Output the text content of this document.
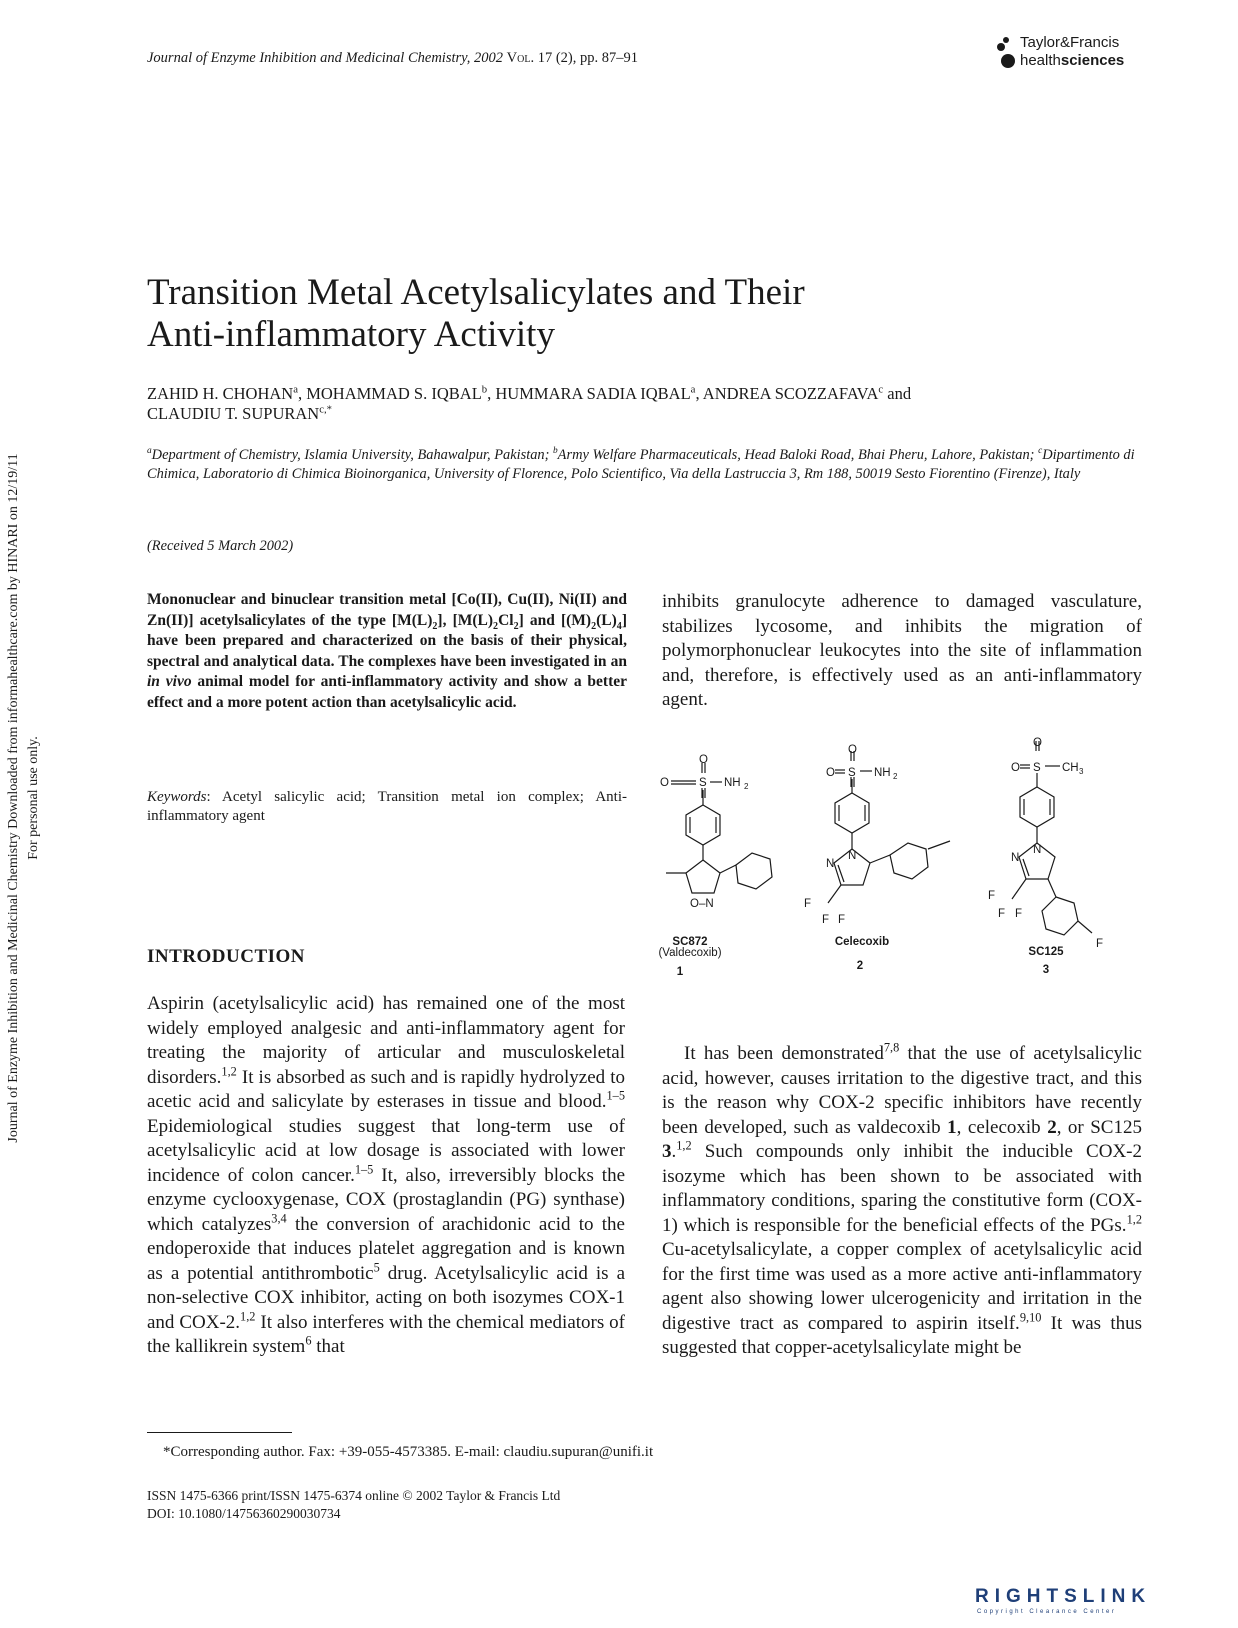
Journal of Enzyme Inhibition and Medicinal Chemistry, 2002 Vol. 17 (2), pp. 87–91
Taylor&Francis
healthsciences
Journal of Enzyme Inhibition and Medicinal Chemistry Downloaded from informahealthcare.com by HINARI on 12/19/11 For personal use only.
Transition Metal Acetylsalicylates and Their
Anti-inflammatory Activity
ZAHID H. CHOHAN$^a$, MOHAMMAD S. IQBAL$^b$, HUMMARA SADIA IQBAL$^a$, ANDREA SCOZZAFAVA$^c$ and
CLAUDIU T. $SUPURAN^{c,*}$
$^a$Department of Chemistry, Islamia University, Bahawalpur, Pakistan; $^b$Army Welfare Pharmaceuticals, Head Baloki Road, Bhai Pheru, Lahore, Pakistan; $^c$Dipartimento di Chimica, Laboratorio di Chimica Bioinorganica, University of Florence, Polo Scientifico, Via della Lastruccia 3, Rm 188, 50019 Sesto Fiorentino (Firenze), Italy
(Received 5 March 2002)
Mononuclear and binuclear transition metal [Co(II), Cu(II), Ni(II) and Zn(II)] acetylsalicylates of the type $[M(L)_2]$, $[M(L)_2Cl_2]$ and $[(M)_2(L)_4]$ have been prepared and characterized on the basis of their physical, spectral and analytical data. The complexes have been investigated in an in vivo animal model for anti-inflammatory activity and show a better effect and a more potent action than acetylsalicylic acid.
Keywords: Acetyl salicylic acid; Transition metal ion complex; Anti-inflammatory agent
INTRODUCTION
Aspirin (acetylsalicylic acid) has remained one of the most widely employed analgesic and anti-inflammatory agent for treating the majority of articular and musculoskeletal disorders.$^{1,2}$ It is absorbed as such and is rapidly hydrolyzed to acetic acid and salicylate by esterases in tissue and blood.$^{1-5}$ Epidemiological studies suggest that long-term use of acetylsalicylic acid at low dosage is associated with lower incidence of colon cancer.$^{1-5}$ It, also, irreversibly blocks the enzyme cyclooxygenase, COX (prostaglandin (PG) synthase) which catalyzes$^{3,4}$ the conversion of arachidonic acid to the endoperoxide that induces platelet aggregation and is known as a potential antithrombotic$^5$ drug. Acetylsalicylic acid is a non-selective COX inhibitor, acting on both isozymes COX-1 and COX-2.$^{1,2}$ It also interferes with the chemical mediators of the kallikrein system$^6$ that
inhibits granulocyte adherence to damaged vasculature, stabilizes lycosome, and inhibits the migration of polymorphonuclear leukocytes into the site of inflammation and, therefore, is effectively used as an anti-inflammatory agent.
O
O	S NH 2
O–N
O
O S NH 2
N
N
F
F F
O
O S CH 3
N
N
F
F F
F
SC872
(Valdecoxib)
1
Celecoxib
2
SC125
3
It has been demonstrated$^{7,8}$ that the use of acetylsalicylic acid, however, causes irritation to the digestive tract, and this is the reason why COX-2 specific inhibitors have recently been developed, such as valdecoxib 1, celecoxib 2, or SC125 3.$^{1,2}$ Such compounds only inhibit the inducible COX-2 isozyme which has been shown to be associated with inflammatory conditions, sparing the constitutive form (COX-1) which is responsible for the beneficial effects of the PGs.$^{1,2}$ Cu-acetylsalicylate, a copper complex of acetylsalicylic acid for the first time was used as a more active anti-inflammatory agent also showing lower ulcerogenicity and irritation in the digestive tract as compared to aspirin itself.$^{9,10}$ It was thus suggested that copper-acetylsalicylate might be
*Corresponding author. Fax: +39-055-4573385. E-mail: claudiu.supuran@unifi.it
ISSN 1475-6366 print/ISSN 1475-6374 online © 2002 Taylor & Francis Ltd
DOI: 10.1080/14756360290030734
RIGHTSLINK
Copyright Clearance Center
